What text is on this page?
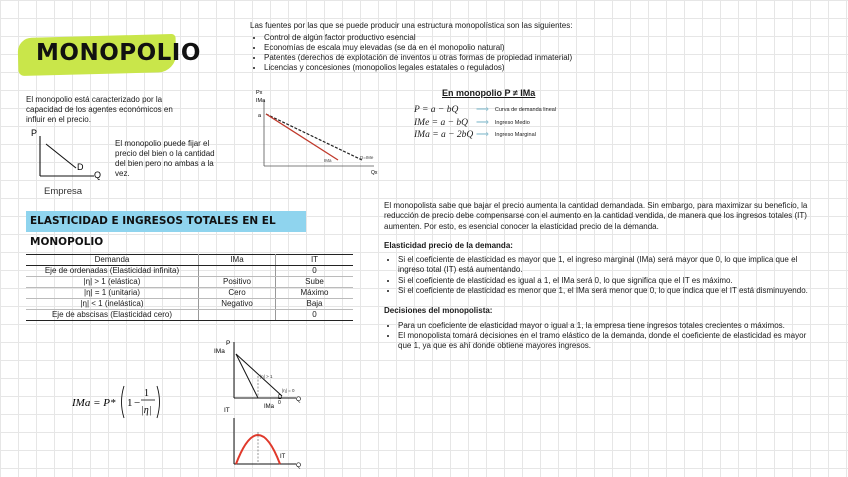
MONOPOLIO
Las fuentes por las que se puede producir una estructura monopolística son las siguientes:
• Control de algún factor productivo esencial
• Economías de escala muy elevadas (se da en el monopolio natural)
• Patentes (derechos de explotación de inventos u otras formas de propiedad inmaterial)
• Licencias y concesiones (monopolios legales estatales o regulados)
El monopolio está caracterizado por la capacidad de los agentes económicos en influir en el precio.
P
D
Q
Empresa
El monopolio puede fijar el precio del bien o la cantidad del bien pero no ambas a la vez.
Px
IMa
a
IMa
D=IMe
Qx
En monopolio P ≠ IMa
P = a − bQ	⟹ Curva de demanda lineal
IMe = a − bQ ⟹ Ingreso Medio
IMa = a − 2bQ ⟹ Ingreso Marginal
ELASTICIDAD E INGRESOS TOTALES EN EL MONOPOLIO
Demanda	IMa	IT
Eje de ordenadas (Elasticidad infinita)		0
|η| > 1 (elástica)	Positivo	Sube
|η| = 1 (unitaria)	Cero	Máximo
|η| < 1 (inelástica)	Negativo	Baja
Eje de abscisas (Elasticidad cero)		0
IMa = P* 1 −
1
|η|
P
IMa
|η| > 1
|η| = 0
IMa
D
0 Q
IT
IT
Q

El monopolista sabe que bajar el precio aumenta la cantidad demandada. Sin embargo, para maximizar su beneficio, la reducción de precio debe compensarse con el aumento en la cantidad vendida, de manera que los ingresos totales (IT) aumenten. Por esto, es esencial conocer la elasticidad precio de la demanda.

Elasticidad precio de la demanda:
• Si el coeficiente de elasticidad es mayor que 1, el ingreso marginal (IMa) será mayor que 0, lo que implica que el ingreso total (IT) está aumentando.
• Si el coeficiente de elasticidad es igual a 1, el IMa será 0, lo que significa que el IT es máximo.
• Si el coeficiente de elasticidad es menor que 1, el IMa será menor que 0, lo que indica que el IT está disminuyendo.
Decisiones del monopolista:
• Para un coeficiente de elasticidad mayor o igual a 1, la empresa tiene ingresos totales crecientes o máximos.
• El monopolista tomará decisiones en el tramo elástico de la demanda, donde el coeficiente de elasticidad es mayor que 1, ya que es ahí donde obtiene mayores ingresos.
